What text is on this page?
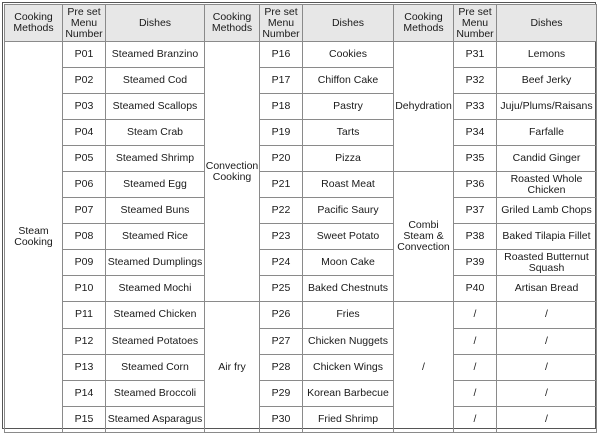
Cooking Methods	Pre set Menu Number	Dishes	Cooking Methods	Pre set Menu Number	Dishes	Cooking Methods	Pre set Menu Number	Dishes
Steam Cooking	P01	Steamed Branzino	Convection Cooking	P16	Cookies	Dehydration	P31	Lemons
	P02	Steamed Cod		P17	Chiffon Cake		P32	Beef Jerky
	P03	Steamed Scallops		P18	Pastry		P33	Juju/Plums/Raisans
	P04	Steam Crab		P19	Tarts		P34	Farfalle
	P05	Steamed Shrimp		P20	Pizza		P35	Candid Ginger
	P06	Steamed Egg		P21	Roast Meat	Combi Steam & Convection	P36	Roasted Whole Chicken
	P07	Steamed Buns		P22	Pacific Saury		P37	Griled Lamb Chops
	P08	Steamed Rice		P23	Sweet Potato		P38	Baked Tilapia Fillet
	P09	Steamed Dumplings		P24	Moon Cake		P39	Roasted Butternut Squash
	P10	Steamed Mochi		P25	Baked Chestnuts		P40	Artisan Bread
	P11	Steamed Chicken	Air fry	P26	Fries	/	/	/
	P12	Steamed Potatoes		P27	Chicken Nuggets		/	/
	P13	Steamed Corn		P28	Chicken Wings		/	/
	P14	Steamed Broccoli		P29	Korean Barbecue		/	/
	P15	Steamed Asparagus		P30	Fried Shrimp		/	/
